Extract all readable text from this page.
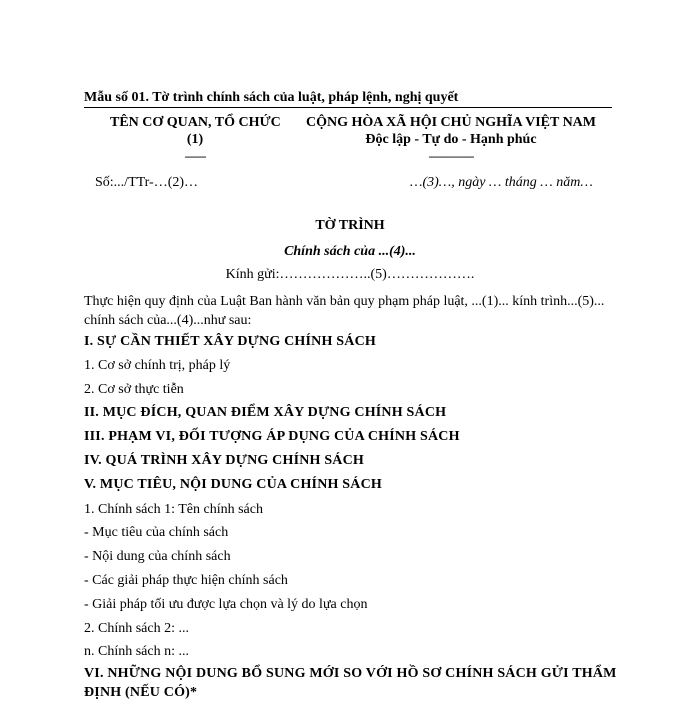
Mẫu số 01. Tờ trình chính sách của luật, pháp lệnh, nghị quyết
TÊN CƠ QUAN, TỔ CHỨC
(1)
-------
CỘNG HÒA XÃ HỘI CHỦ NGHĨA VIỆT NAM
Độc lập - Tự do - Hạnh phúc
---------------
Số:.../TTr-…(2)…	…(3)…, ngày … tháng … năm…
TỜ TRÌNH
Chính sách của ...(4)...
Kính gửi:………………..(5)……………….
Thực hiện quy định của Luật Ban hành văn bản quy phạm pháp luật, ...(1)... kính trình...(5)... chính sách của...(4)...như sau:
I. SỰ CẦN THIẾT XÂY DỰNG CHÍNH SÁCH
1. Cơ sở chính trị, pháp lý
2. Cơ sở thực tiễn
II. MỤC ĐÍCH, QUAN ĐIỂM XÂY DỰNG CHÍNH SÁCH
III. PHẠM VI, ĐỐI TƯỢNG ÁP DỤNG CỦA CHÍNH SÁCH
IV. QUÁ TRÌNH XÂY DỰNG CHÍNH SÁCH
V. MỤC TIÊU, NỘI DUNG CỦA CHÍNH SÁCH
1. Chính sách 1: Tên chính sách
- Mục tiêu của chính sách
- Nội dung của chính sách
- Các giải pháp thực hiện chính sách
- Giải pháp tối ưu được lựa chọn và lý do lựa chọn
2. Chính sách 2: ...
n. Chính sách n: ...
VI. NHỮNG NỘI DUNG BỔ SUNG MỚI SO VỚI HỒ SƠ CHÍNH SÁCH GỬI THẨM ĐỊNH (NẾU CÓ)*
